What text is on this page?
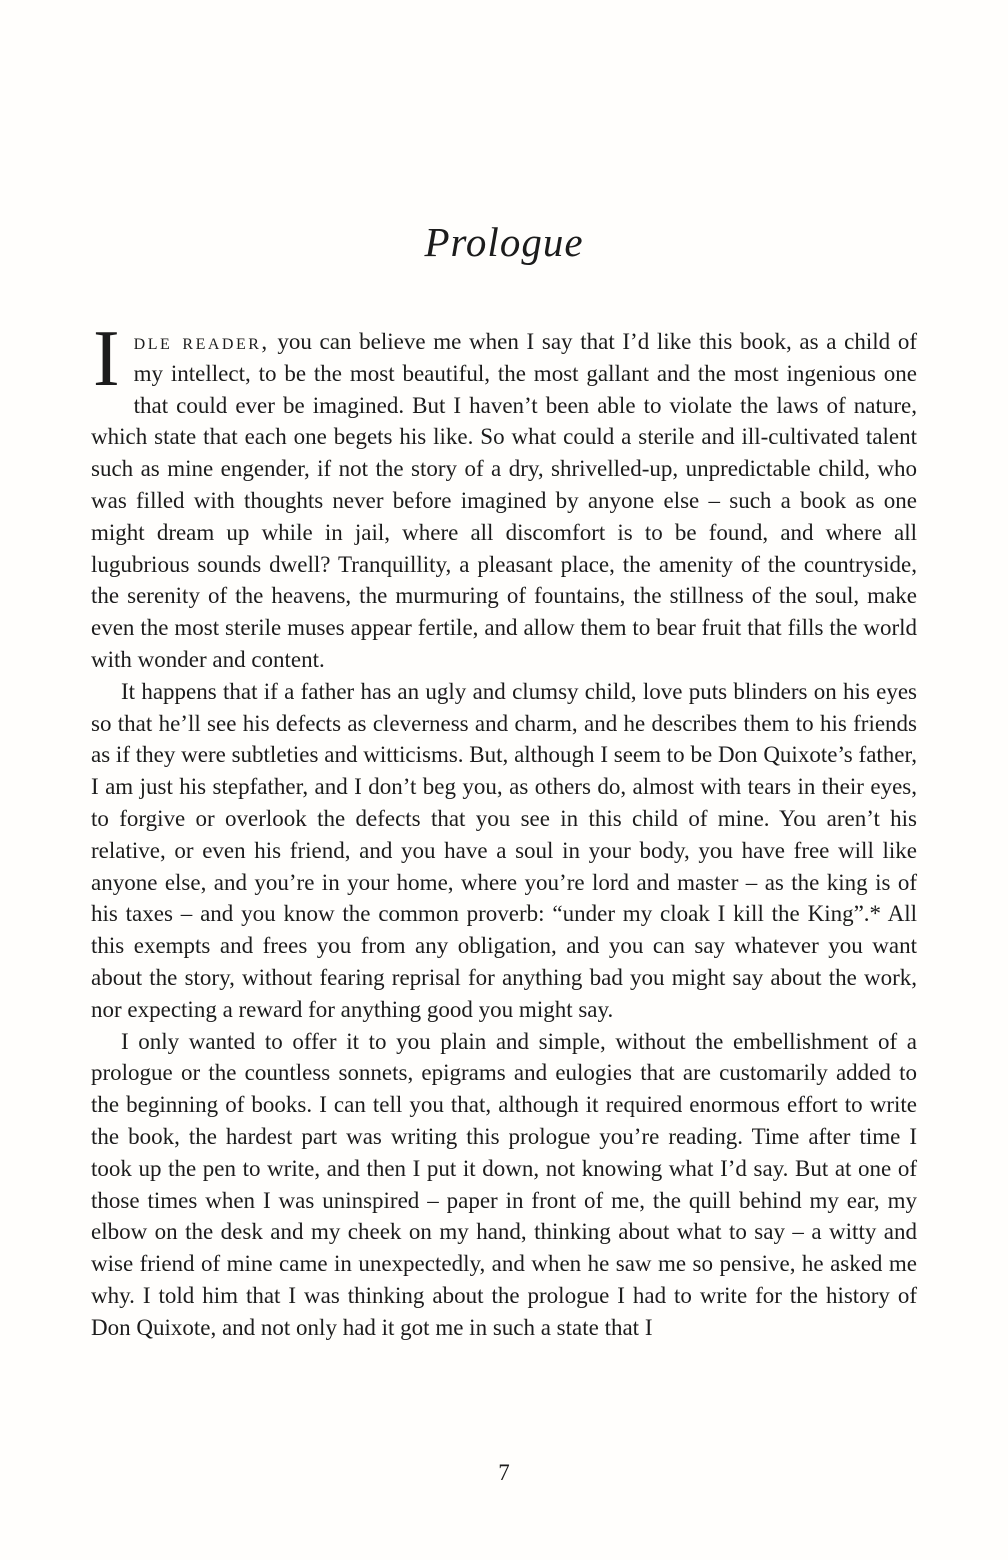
Prologue

Idle reader, you can believe me when I say that I’d like this book, as a child of my intellect, to be the most beautiful, the most gallant and the most ingenious one that could ever be imagined. But I haven’t been able to violate the laws of nature, which state that each one begets his like. So what could a sterile and ill-cultivated talent such as mine engender, if not the story of a dry, shrivelled-up, unpredictable child, who was filled with thoughts never before imagined by anyone else – such a book as one might dream up while in jail, where all discomfort is to be found, and where all lugubrious sounds dwell? Tranquillity, a pleasant place, the amenity of the countryside, the serenity of the heavens, the murmuring of fountains, the stillness of the soul, make even the most sterile muses appear fertile, and allow them to bear fruit that fills the world with wonder and content.

It happens that if a father has an ugly and clumsy child, love puts blinders on his eyes so that he’ll see his defects as cleverness and charm, and he describes them to his friends as if they were subtleties and witticisms. But, although I seem to be Don Quixote’s father, I am just his stepfather, and I don’t beg you, as others do, almost with tears in their eyes, to forgive or overlook the defects that you see in this child of mine. You aren’t his relative, or even his friend, and you have a soul in your body, you have free will like anyone else, and you’re in your home, where you’re lord and master – as the king is of his taxes – and you know the common proverb: “under my cloak I kill the King”.* All this exempts and frees you from any obligation, and you can say whatever you want about the story, without fearing reprisal for anything bad you might say about the work, nor expecting a reward for anything good you might say.

I only wanted to offer it to you plain and simple, without the embellishment of a prologue or the countless sonnets, epigrams and eulogies that are customarily added to the beginning of books. I can tell you that, although it required enormous effort to write the book, the hardest part was writing this prologue you’re reading. Time after time I took up the pen to write, and then I put it down, not knowing what I’d say. But at one of those times when I was uninspired – paper in front of me, the quill behind my ear, my elbow on the desk and my cheek on my hand, thinking about what to say – a witty and wise friend of mine came in unexpectedly, and when he saw me so pensive, he asked me why. I told him that I was thinking about the prologue I had to write for the history of Don Quixote, and not only had it got me in such a state that I

7
